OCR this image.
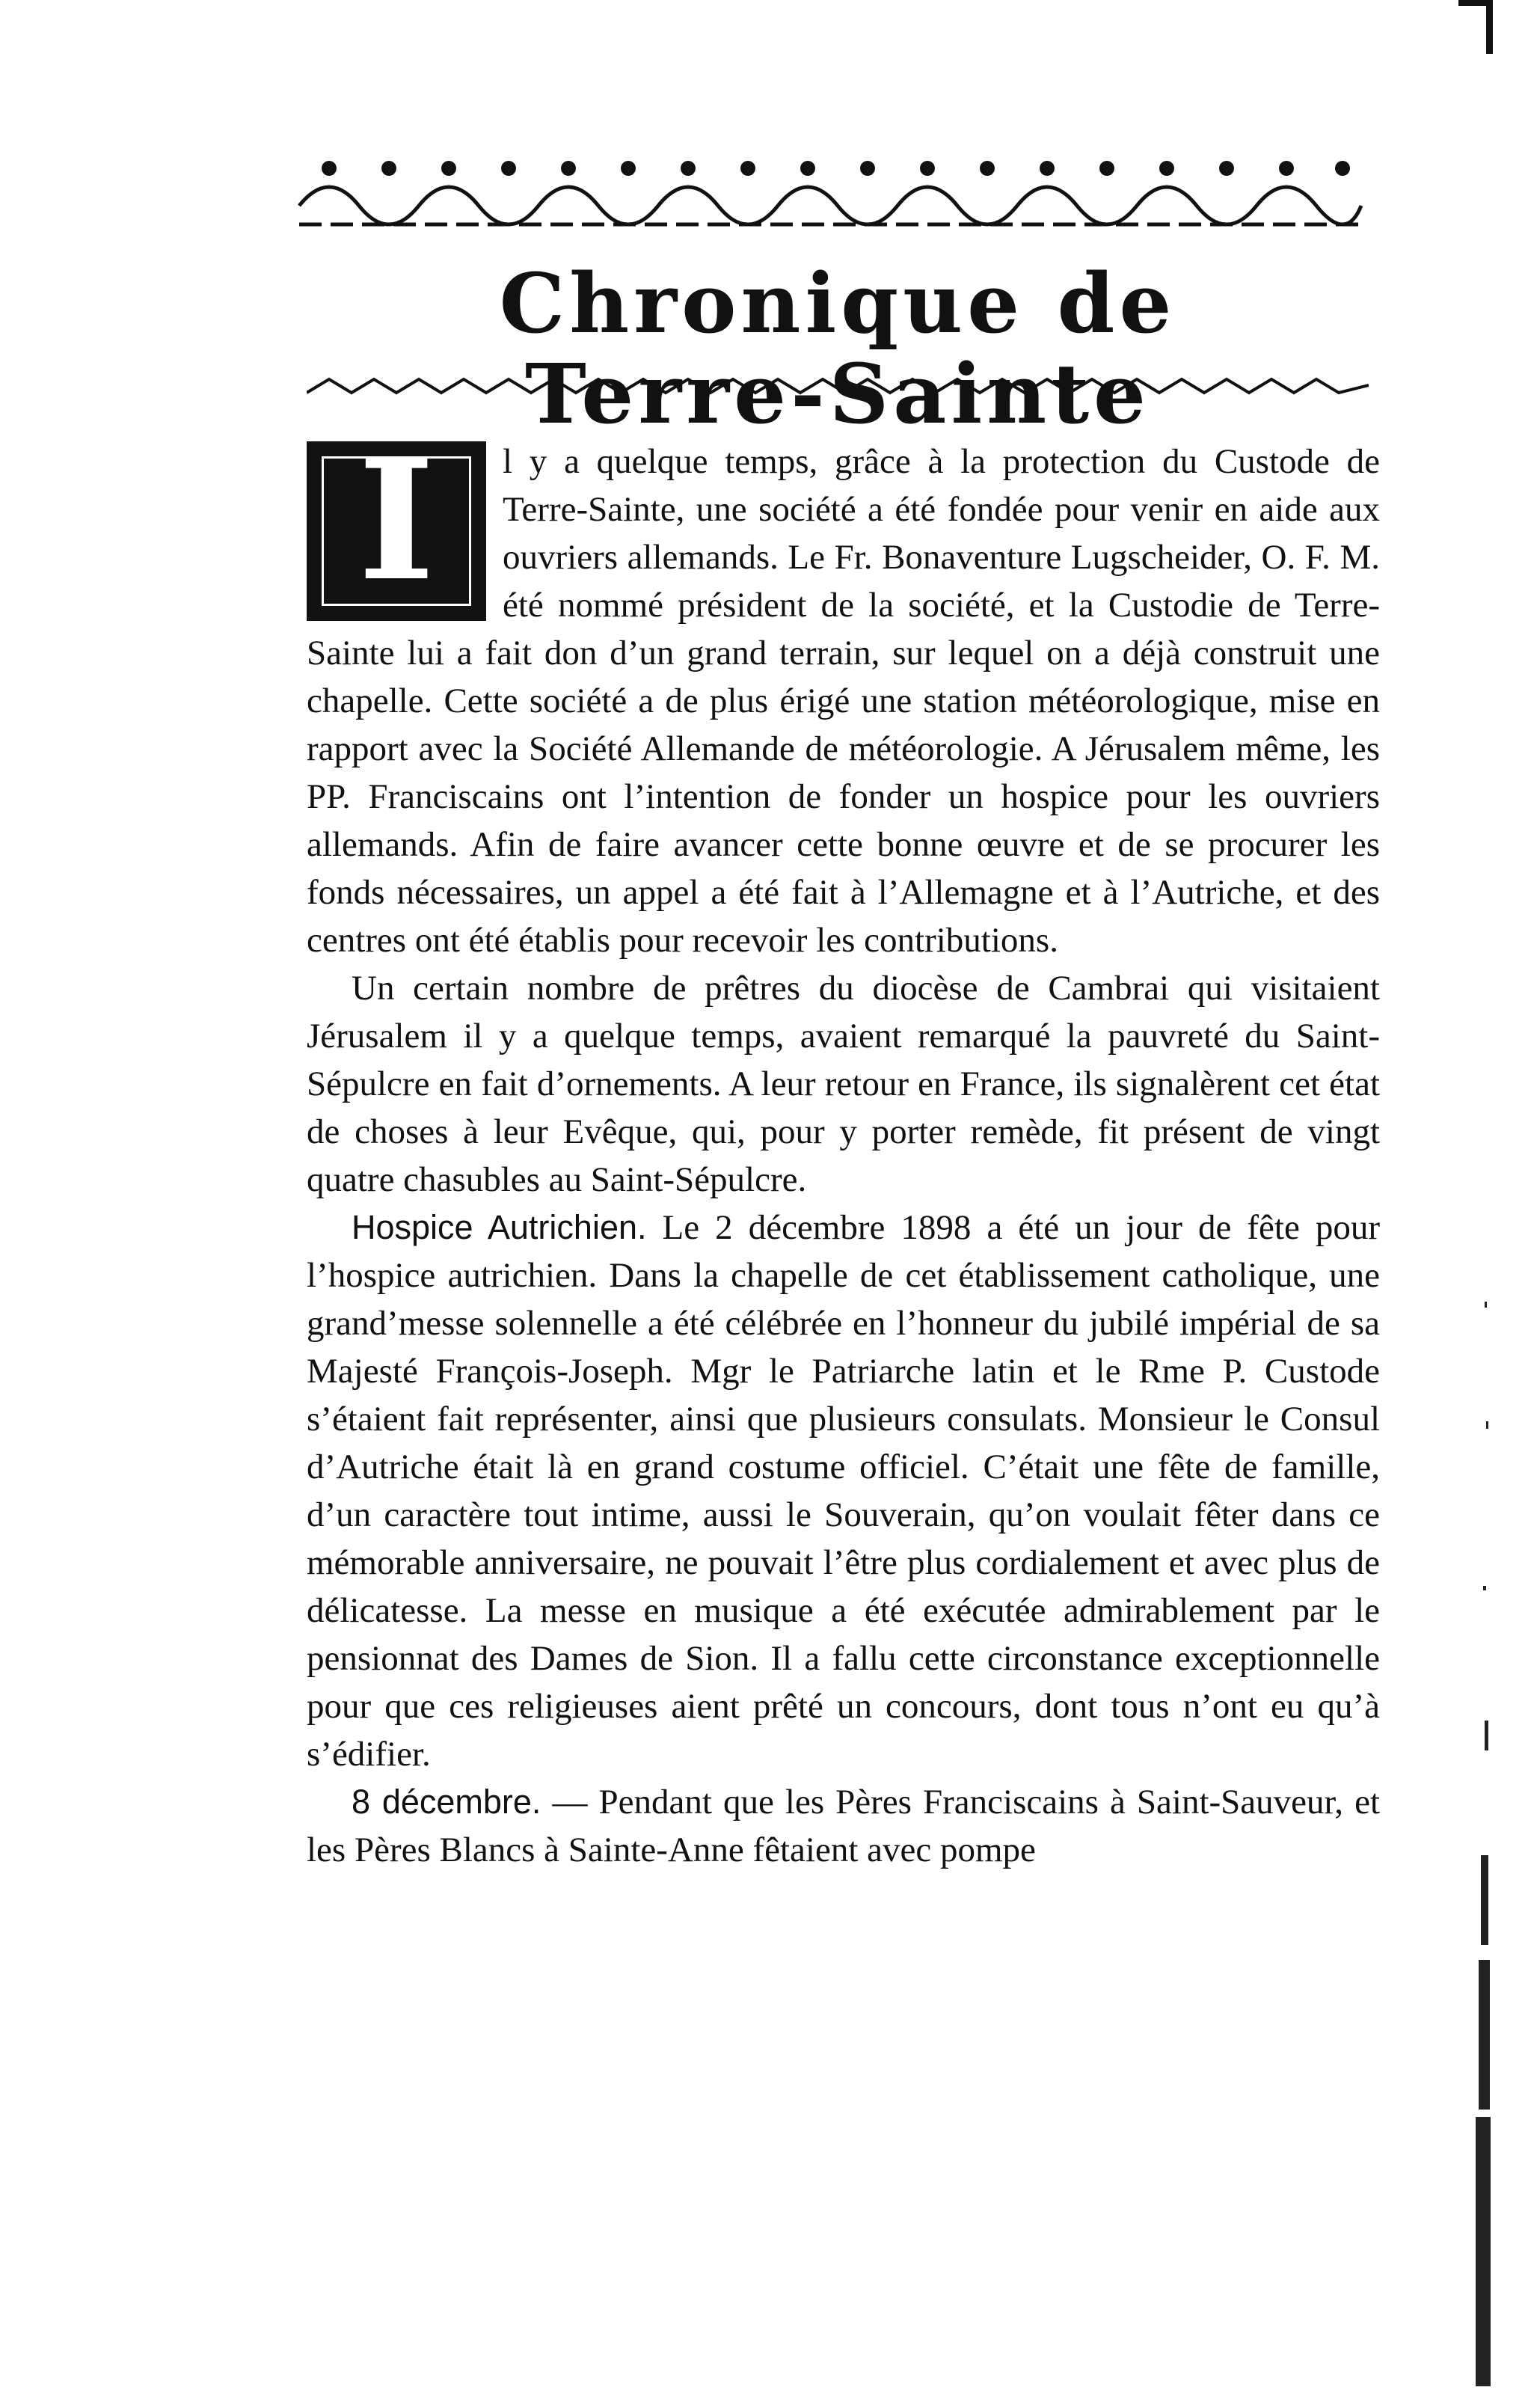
Chronique de Terre-Sainte
I	l y a quelque temps, grâce à la protection du Custode de Terre-Sainte, une société a été fondée pour venir en aide aux ouvriers allemands. Le Fr. Bonaventure Lugscheider, O. F. M. été nommé président de la société, et la Custodie de Terre-Sainte lui a fait don d’un grand terrain, sur lequel on a déjà construit une chapelle. Cette société a de plus érigé une station météorologique, mise en rapport avec la Société Allemande de météorologie. A Jérusalem même, les PP. Franciscains ont l’intention de fonder un hospice pour les ouvriers allemands. Afin de faire avancer cette bonne œuvre et de se procurer les fonds nécessaires, un appel a été fait à l’Allemagne et à l’Autriche, et des centres ont été établis pour recevoir les contributions.

Un certain nombre de prêtres du diocèse de Cambrai qui visitaient Jérusalem il y a quelque temps, avaient remarqué la pauvreté du Saint-Sépulcre en fait d’ornements. A leur retour en France, ils signalèrent cet état de choses à leur Evêque, qui, pour y porter remède, fit présent de vingt quatre chasubles au Saint-Sépulcre.

Hospice Autrichien. Le 2 décembre 1898 a été un jour de fête pour l’hospice autrichien. Dans la chapelle de cet établissement catholique, une grand’messe solennelle a été célébrée en l’honneur du jubilé impérial de sa Majesté François-Joseph. Mgr le Patriarche latin et le Rme P. Custode s’étaient fait représenter, ainsi que plusieurs consulats. Monsieur le Consul d’Autriche était là en grand costume officiel. C’était une fête de famille, d’un caractère tout intime, aussi le Souverain, qu’on voulait fêter dans ce mémorable anniversaire, ne pouvait l’être plus cordialement et avec plus de délicatesse. La messe en musique a été exécutée admirablement par le pensionnat des Dames de Sion. Il a fallu cette circonstance exceptionnelle pour que ces religieuses aient prêté un concours, dont tous n’ont eu qu’à s’édifier.

8 décembre. — Pendant que les Pères Franciscains à Saint-Sauveur, et les Pères Blancs à Sainte-Anne fêtaient avec pompe
